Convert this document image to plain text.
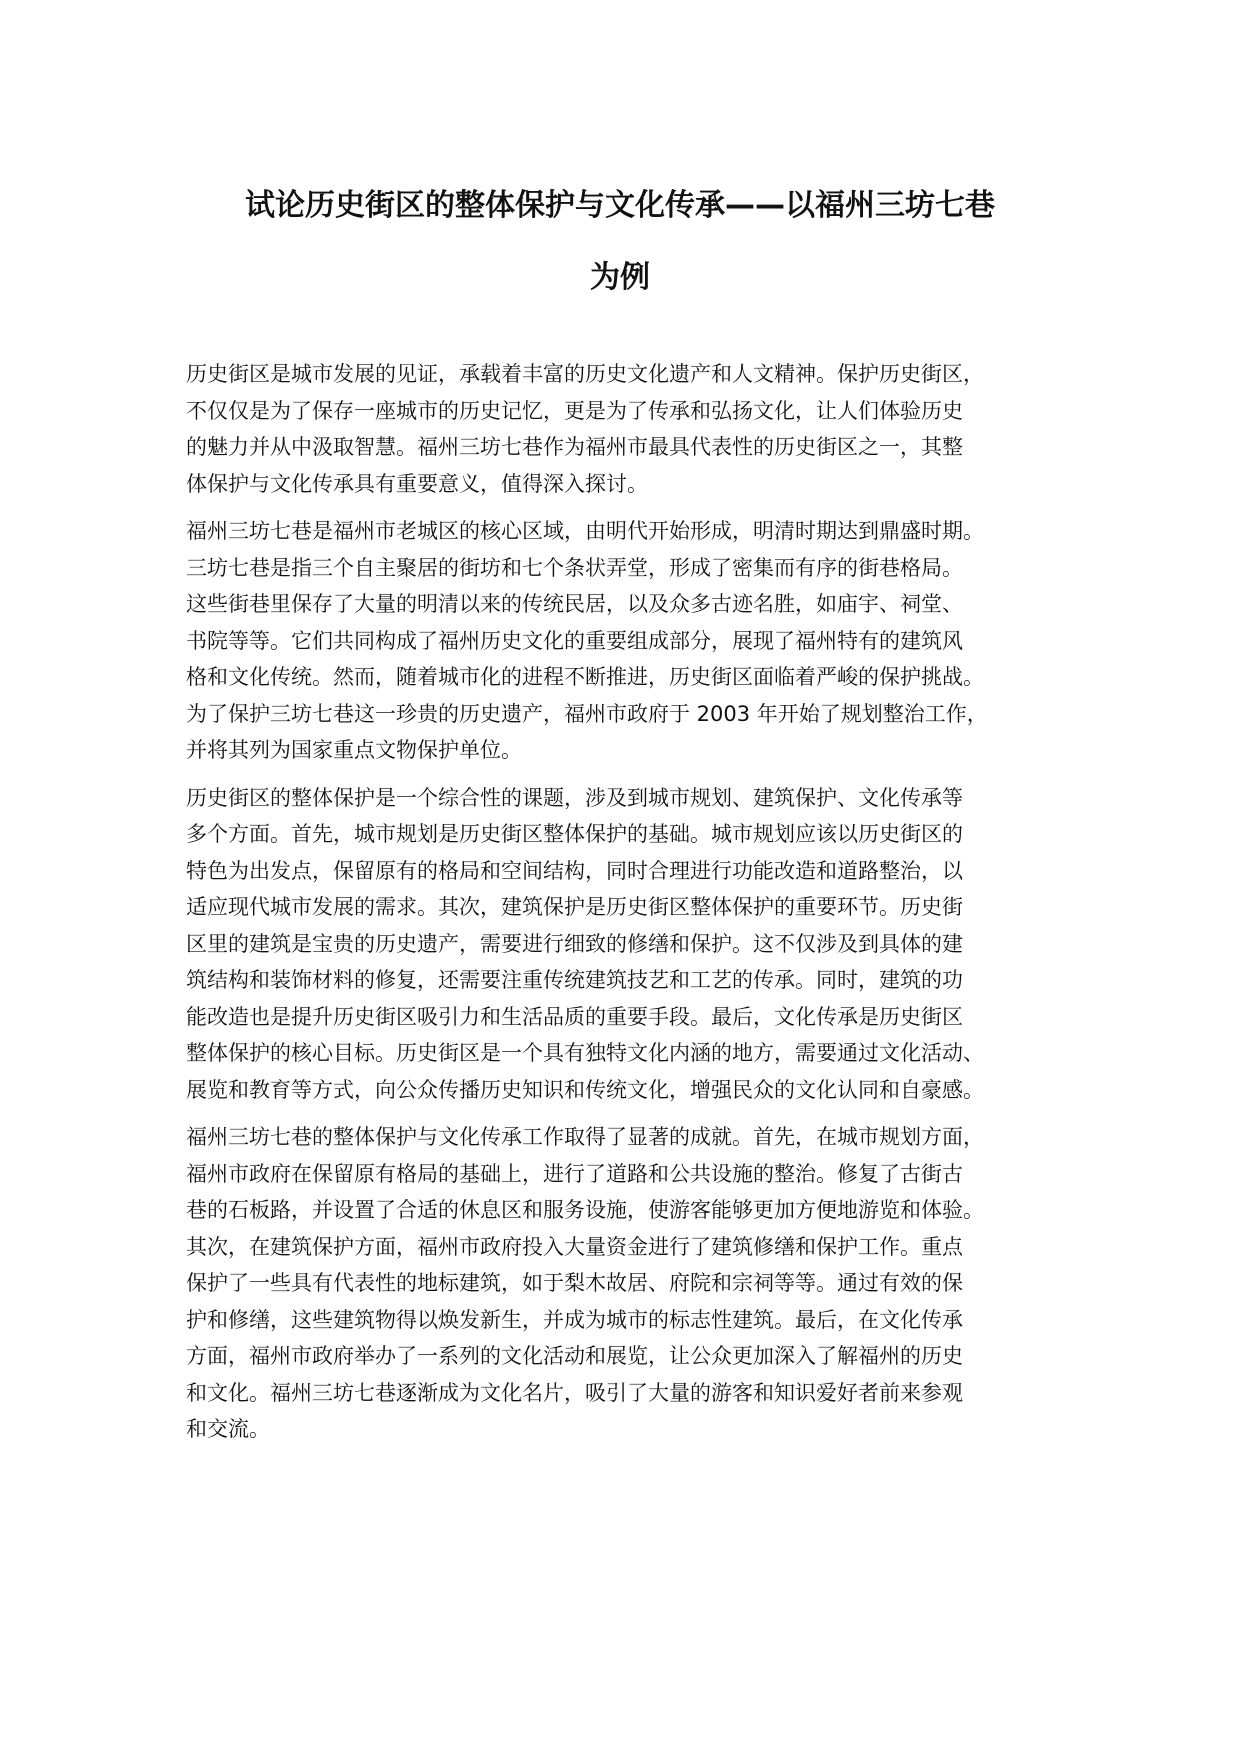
试论历史街区的整体保护与文化传承——以福州三坊七巷
为例
历史街区是城市发展的见证，承载着丰富的历史文化遗产和人文精神。保护历史街区，
不仅仅是为了保存一座城市的历史记忆，更是为了传承和弘扬文化，让人们体验历史
的魅力并从中汲取智慧。福州三坊七巷作为福州市最具代表性的历史街区之一，其整
体保护与文化传承具有重要意义，值得深入探讨。
福州三坊七巷是福州市老城区的核心区域，由明代开始形成，明清时期达到鼎盛时期。
三坊七巷是指三个自主聚居的街坊和七个条状弄堂，形成了密集而有序的街巷格局。
这些街巷里保存了大量的明清以来的传统民居，以及众多古迹名胜，如庙宇、祠堂、
书院等等。它们共同构成了福州历史文化的重要组成部分，展现了福州特有的建筑风
格和文化传统。然而，随着城市化的进程不断推进，历史街区面临着严峻的保护挑战。
为了保护三坊七巷这一珍贵的历史遗产，福州市政府于 2003 年开始了规划整治工作，
并将其列为国家重点文物保护单位。
历史街区的整体保护是一个综合性的课题，涉及到城市规划、建筑保护、文化传承等
多个方面。首先，城市规划是历史街区整体保护的基础。城市规划应该以历史街区的
特色为出发点，保留原有的格局和空间结构，同时合理进行功能改造和道路整治，以
适应现代城市发展的需求。其次，建筑保护是历史街区整体保护的重要环节。历史街
区里的建筑是宝贵的历史遗产，需要进行细致的修缮和保护。这不仅涉及到具体的建
筑结构和装饰材料的修复，还需要注重传统建筑技艺和工艺的传承。同时，建筑的功
能改造也是提升历史街区吸引力和生活品质的重要手段。最后，文化传承是历史街区
整体保护的核心目标。历史街区是一个具有独特文化内涵的地方，需要通过文化活动、
展览和教育等方式，向公众传播历史知识和传统文化，增强民众的文化认同和自豪感。
福州三坊七巷的整体保护与文化传承工作取得了显著的成就。首先，在城市规划方面，
福州市政府在保留原有格局的基础上，进行了道路和公共设施的整治。修复了古街古
巷的石板路，并设置了合适的休息区和服务设施，使游客能够更加方便地游览和体验。
其次，在建筑保护方面，福州市政府投入大量资金进行了建筑修缮和保护工作。重点
保护了一些具有代表性的地标建筑，如于梨木故居、府院和宗祠等等。通过有效的保
护和修缮，这些建筑物得以焕发新生，并成为城市的标志性建筑。最后，在文化传承
方面，福州市政府举办了一系列的文化活动和展览，让公众更加深入了解福州的历史
和文化。福州三坊七巷逐渐成为文化名片，吸引了大量的游客和知识爱好者前来参观
和交流。
